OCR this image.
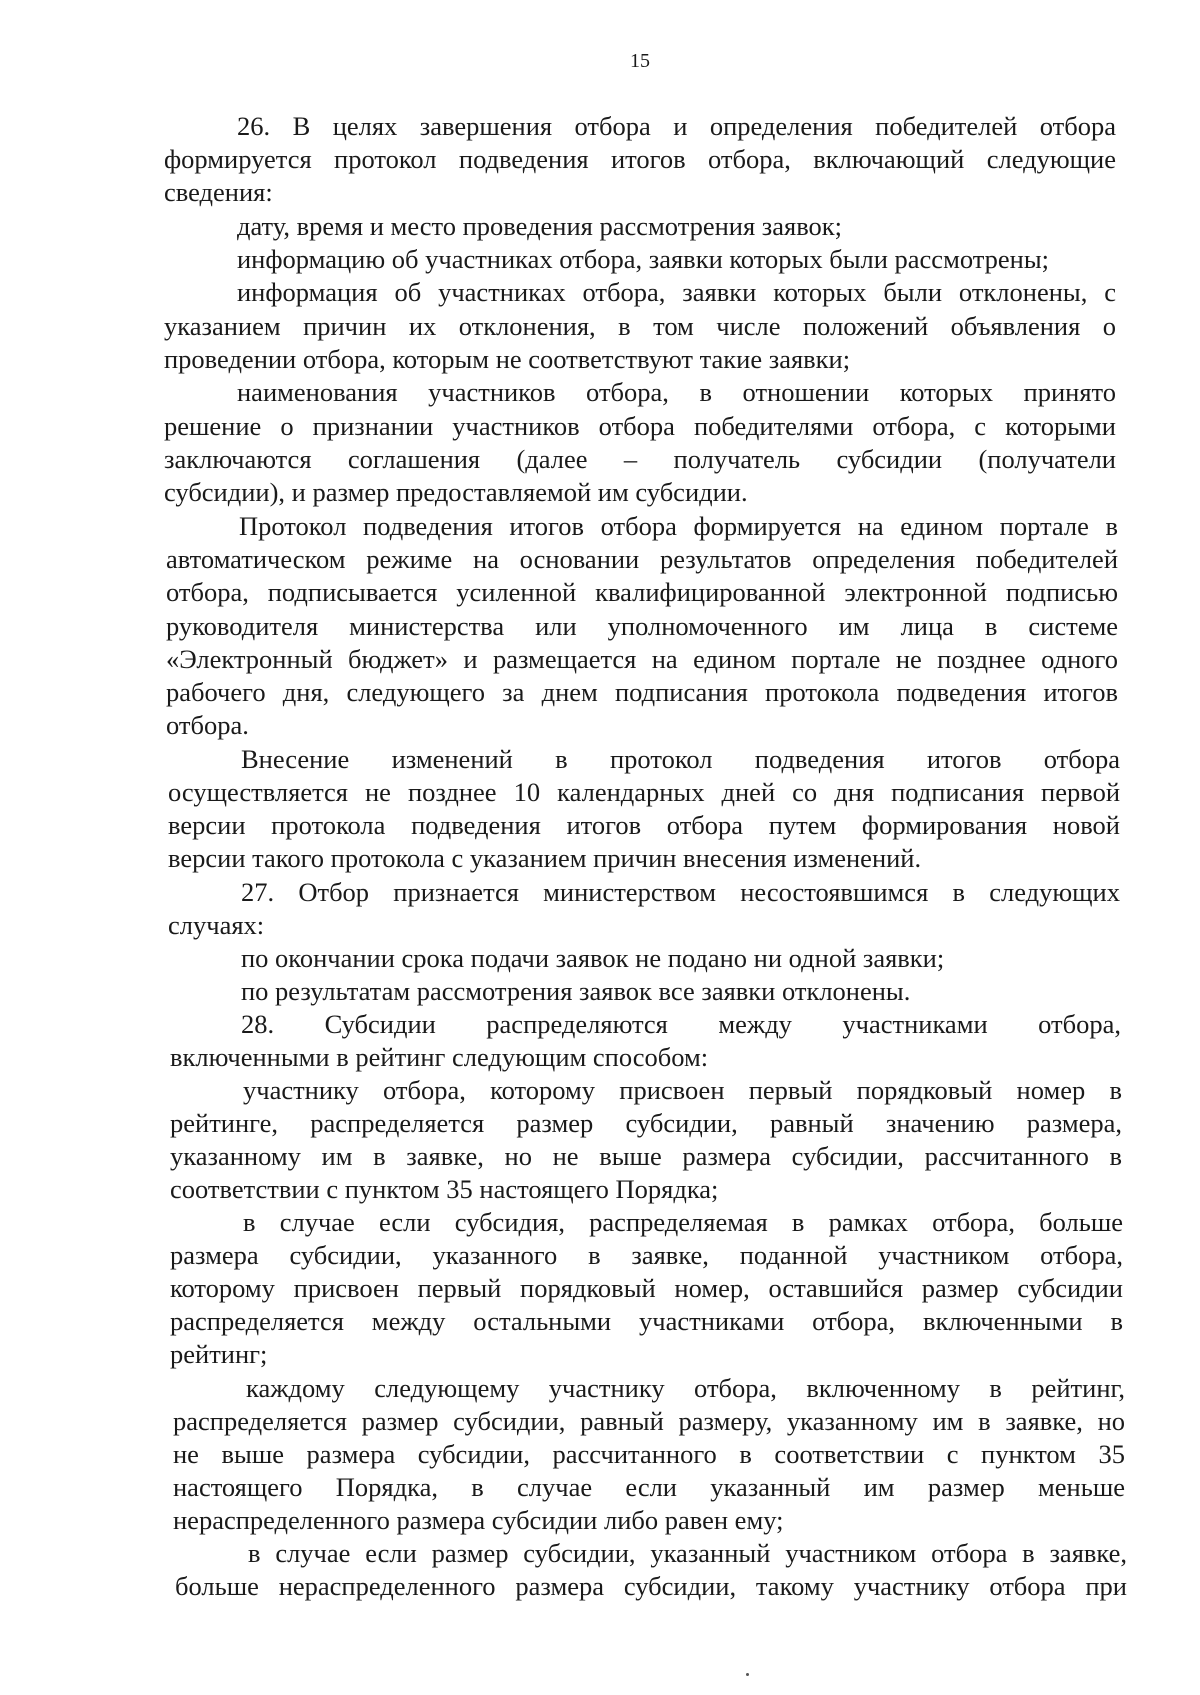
15
26. В целях завершения отбора и определения победителей отбора
формируется протокол подведения итогов отбора, включающий следующие
сведения:
дату, время и место проведения рассмотрения заявок;
информацию об участниках отбора, заявки которых были рассмотрены;
информация об участниках отбора, заявки которых были отклонены, с
указанием причин их отклонения, в том числе положений объявления о
проведении отбора, которым не соответствуют такие заявки;
наименования участников отбора, в отношении которых принято
решение о признании участников отбора победителями отбора, с которыми
заключаются соглашения (далее – получатель субсидии (получатели
субсидии), и размер предоставляемой им субсидии.
Протокол подведения итогов отбора формируется на едином портале в
автоматическом режиме на основании результатов определения победителей
отбора, подписывается усиленной квалифицированной электронной подписью
руководителя министерства или уполномоченного им лица в системе
«Электронный бюджет» и размещается на едином портале не позднее одного
рабочего дня, следующего за днем подписания протокола подведения итогов
отбора.
Внесение изменений в протокол подведения итогов отбора
осуществляется не позднее 10 календарных дней со дня подписания первой
версии протокола подведения итогов отбора путем формирования новой
версии такого протокола с указанием причин внесения изменений.
27. Отбор признается министерством несостоявшимся в следующих
случаях:
по окончании срока подачи заявок не подано ни одной заявки;
по результатам рассмотрения заявок все заявки отклонены.
28. Субсидии распределяются между участниками отбора,
включенными в рейтинг следующим способом:
участнику отбора, которому присвоен первый порядковый номер в
рейтинге, распределяется размер субсидии, равный значению размера,
указанному им в заявке, но не выше размера субсидии, рассчитанного в
соответствии с пунктом 35 настоящего Порядка;
в случае если субсидия, распределяемая в рамках отбора, больше
размера субсидии, указанного в заявке, поданной участником отбора,
которому присвоен первый порядковый номер, оставшийся размер субсидии
распределяется между остальными участниками отбора, включенными в
рейтинг;
каждому следующему участнику отбора, включенному в рейтинг,
распределяется размер субсидии, равный размеру, указанному им в заявке, но
не выше размера субсидии, рассчитанного в соответствии с пунктом 35
настоящего Порядка, в случае если указанный им размер меньше
нераспределенного размера субсидии либо равен ему;
в случае если размер субсидии, указанный участником отбора в заявке,
больше нераспределенного размера субсидии, такому участнику отбора при
